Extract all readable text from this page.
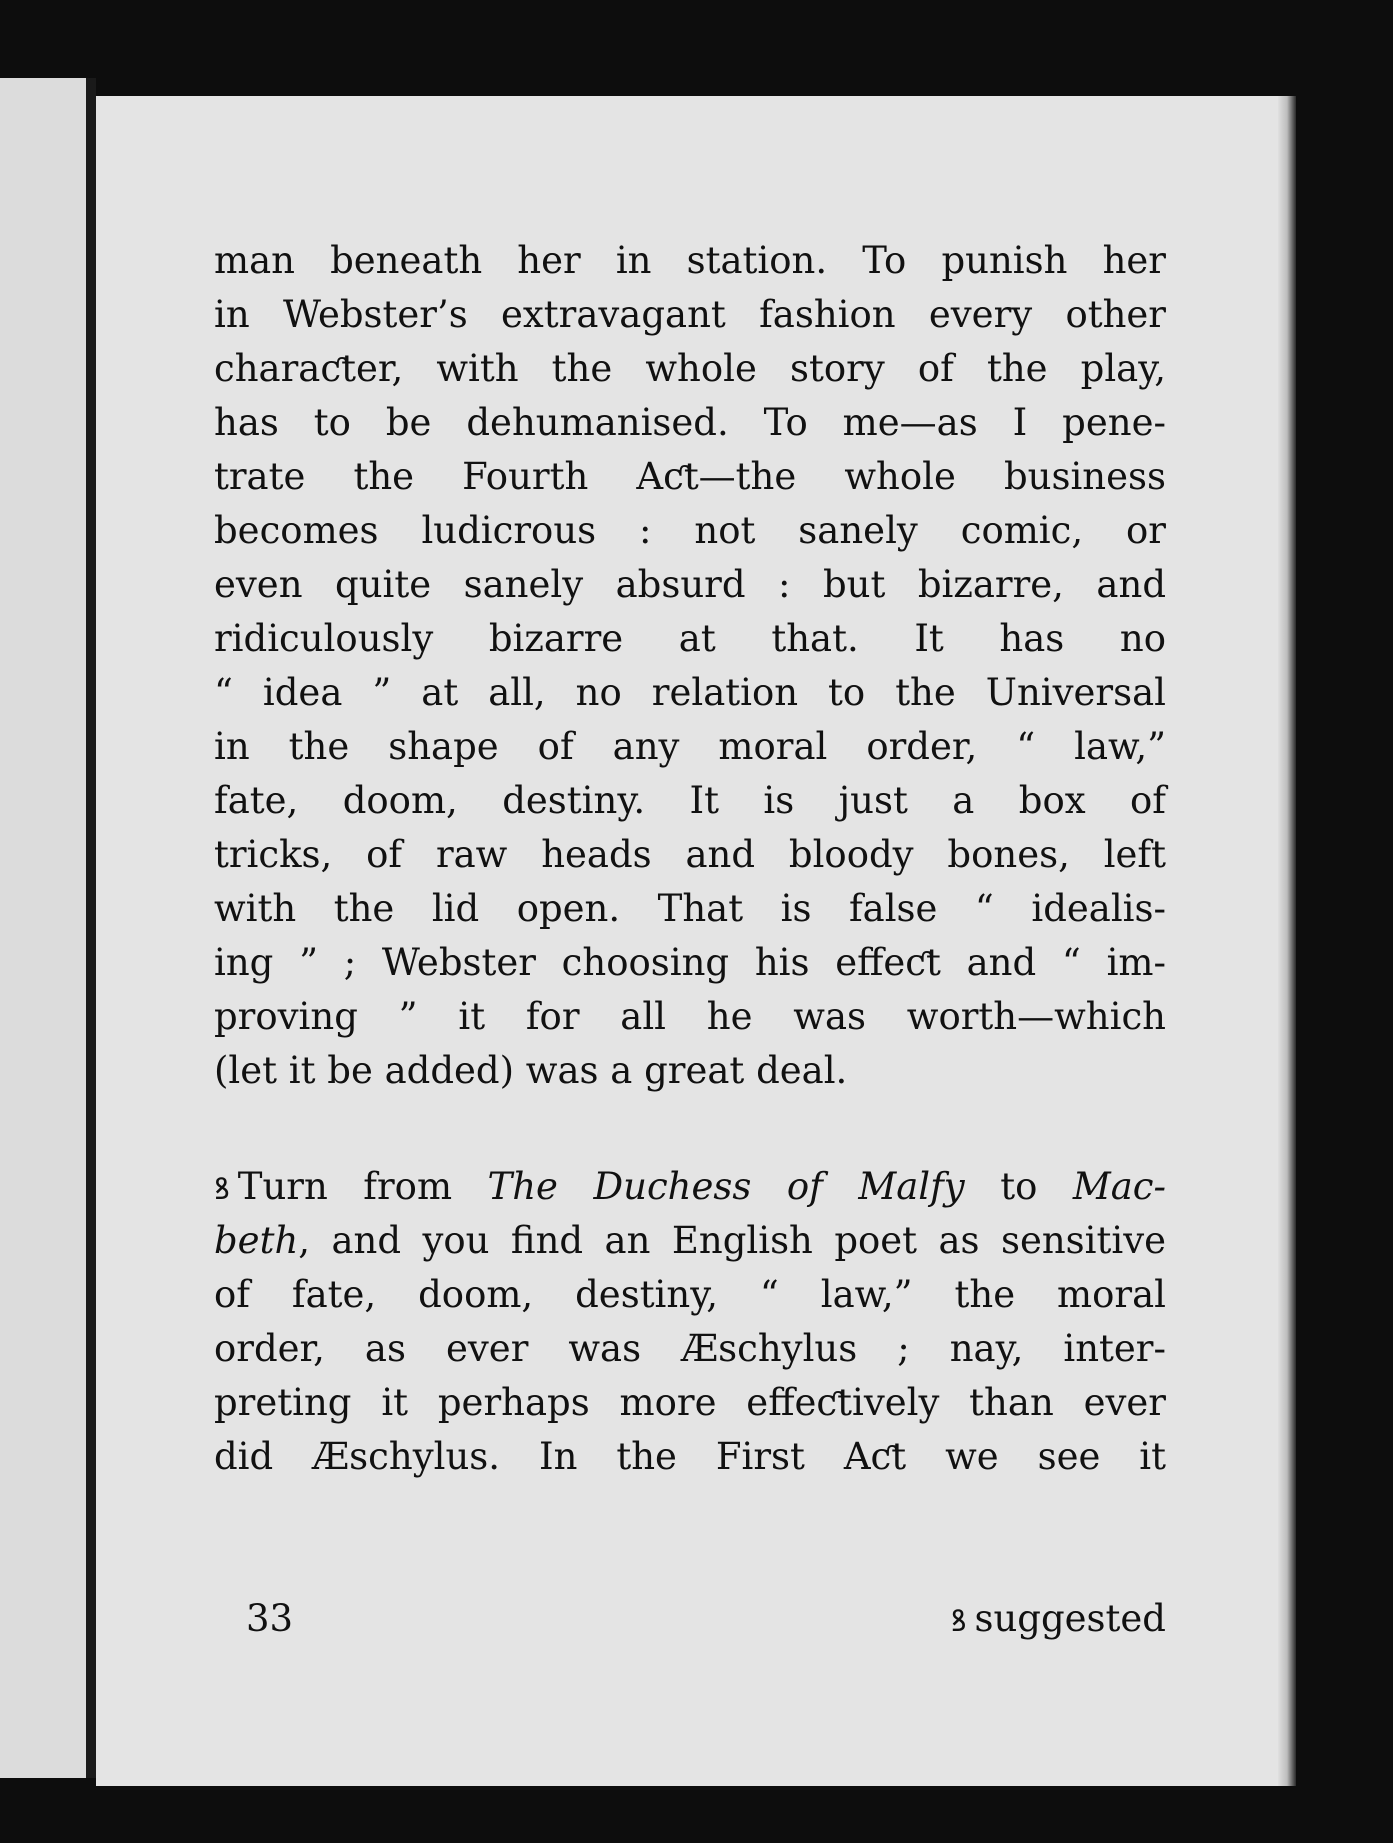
man beneath her in station. To punish her
in Webster’s extravagant fashion every other
charaƈter, with the whole story of the play,
has to be dehumanised. To me—as I pene-
trate the Fourth Aƈt—the whole business
becomes ludicrous : not sanely comic, or
even quite sanely absurd : but bizarre, and
ridiculously bizarre at that. It has no
“ idea ” at all, no relation to the Universal
in the shape of any moral order, “ law,”
fate, doom, destiny. It is just a box of
tricks, of raw heads and bloody bones, left
with the lid open. That is false “ idealis-
ing ” ; Webster choosing his effeƈt and “ im-
proving ” it for all he was worth—which
(let it be added) was a great deal.
ꝸ Turn from The Duchess of Malfy to Mac-
beth, and you find an English poet as sensitive
of fate, doom, destiny, “ law,” the moral
order, as ever was Æschylus ; nay, inter-
preting it perhaps more effeƈtively than ever
did Æschylus. In the First Aƈt we see it
33	ꝸ suggested
